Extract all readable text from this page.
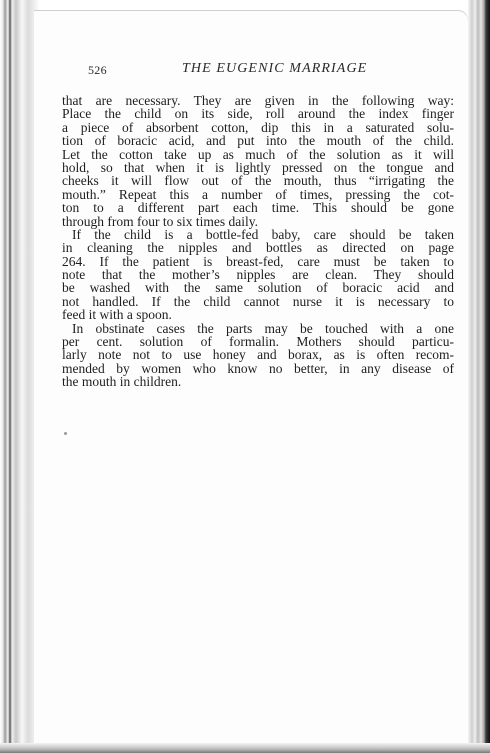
526	THE EUGENIC MARRIAGE
that are necessary. They are given in the following way:
Place the child on its side, roll around the index finger
a piece of absorbent cotton, dip this in a saturated solu-
tion of boracic acid, and put into the mouth of the child.
Let the cotton take up as much of the solution as it will
hold, so that when it is lightly pressed on the tongue and
cheeks it will flow out of the mouth, thus “irrigating the
mouth.” Repeat this a number of times, pressing the cot-
ton to a different part each time. This should be gone
through from four to six times daily.
If the child is a bottle-fed baby, care should be taken
in cleaning the nipples and bottles as directed on page
264. If the patient is breast-fed, care must be taken to
note that the mother’s nipples are clean. They should
be washed with the same solution of boracic acid and
not handled. If the child cannot nurse it is necessary to
feed it with a spoon.
In obstinate cases the parts may be touched with a one
per cent. solution of formalin. Mothers should particu-
larly note not to use honey and borax, as is often recom-
mended by women who know no better, in any disease of
the mouth in children.
